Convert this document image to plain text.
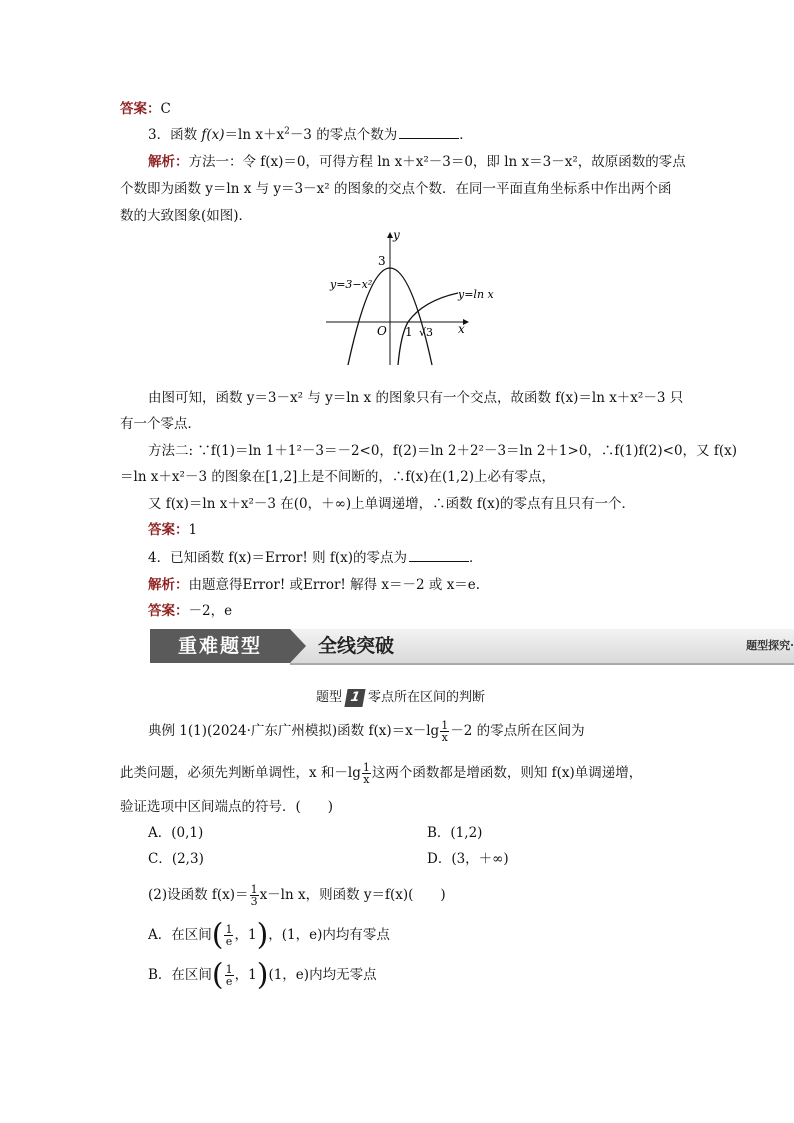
答案：C
3．函数 f(x)＝ln $x+x^2-3$ 的零点个数为	．
解析：方法一：令 f(x)＝0，可得方程 ln x＋x²－3＝0，即 ln x＝3－x²，故原函数的零点
个数即为函数 y＝ln x 与 y＝3－x² 的图象的交点个数．在同一平面直角坐标系中作出两个函
数的大致图象(如图)．
y
x
O
3
1 √3
y=3−x²
y=ln x
由图可知，函数 y＝3－x² 与 y＝ln x 的图象只有一个交点，故函数 f(x)＝ln x＋x²－3 只
有一个零点．
方法二: ∵f(1)＝ln 1＋1²－3＝－2<0，f(2)＝ln 2＋2²－3＝ln 2＋1>0，∴f(1)f(2)<0，又 f(x)
＝ln x＋x²－3 的图象在[1,2]上是不间断的，∴f(x)在(1,2)上必有零点，
又 f(x)＝ln x＋x²－3 在(0，＋∞)上单调递增，∴函数 f(x)的零点有且只有一个．
答案：1
4．已知函数 f(x)＝Error! 则 f(x)的零点为	．
解析：由题意得Error! 或Error! 解得 x＝－2 或 x＝e.
答案：－2，e
重难题型	全线突破	题型探究·
题型 1 零点所在区间的判断
典例 1(1)(2024·广东广州模拟)函数 $f(x)=x-\lg \frac{1}{x} -2$ 的零点所在区间为
此类问题，必须先判断单调性，x 和$-\lg \frac{1}{x}$ 这两个函数都是增函数，则知 f(x)单调递增，
验证选项中区间端点的符号．(　　)
A．(0,1)	B．(1,2)
C．(2,3)	D．(3，＋∞)
(2)设函数 $f(x)= \frac{1}{3} x-\ln$ x，则函数 y＝f(x)(　　)
A．在区间( $\frac{1}{e}$ ，1)，(1，e)内均有零点
B．在区间( $\frac{1}{e}$ ，1)(1，e)内均无零点
